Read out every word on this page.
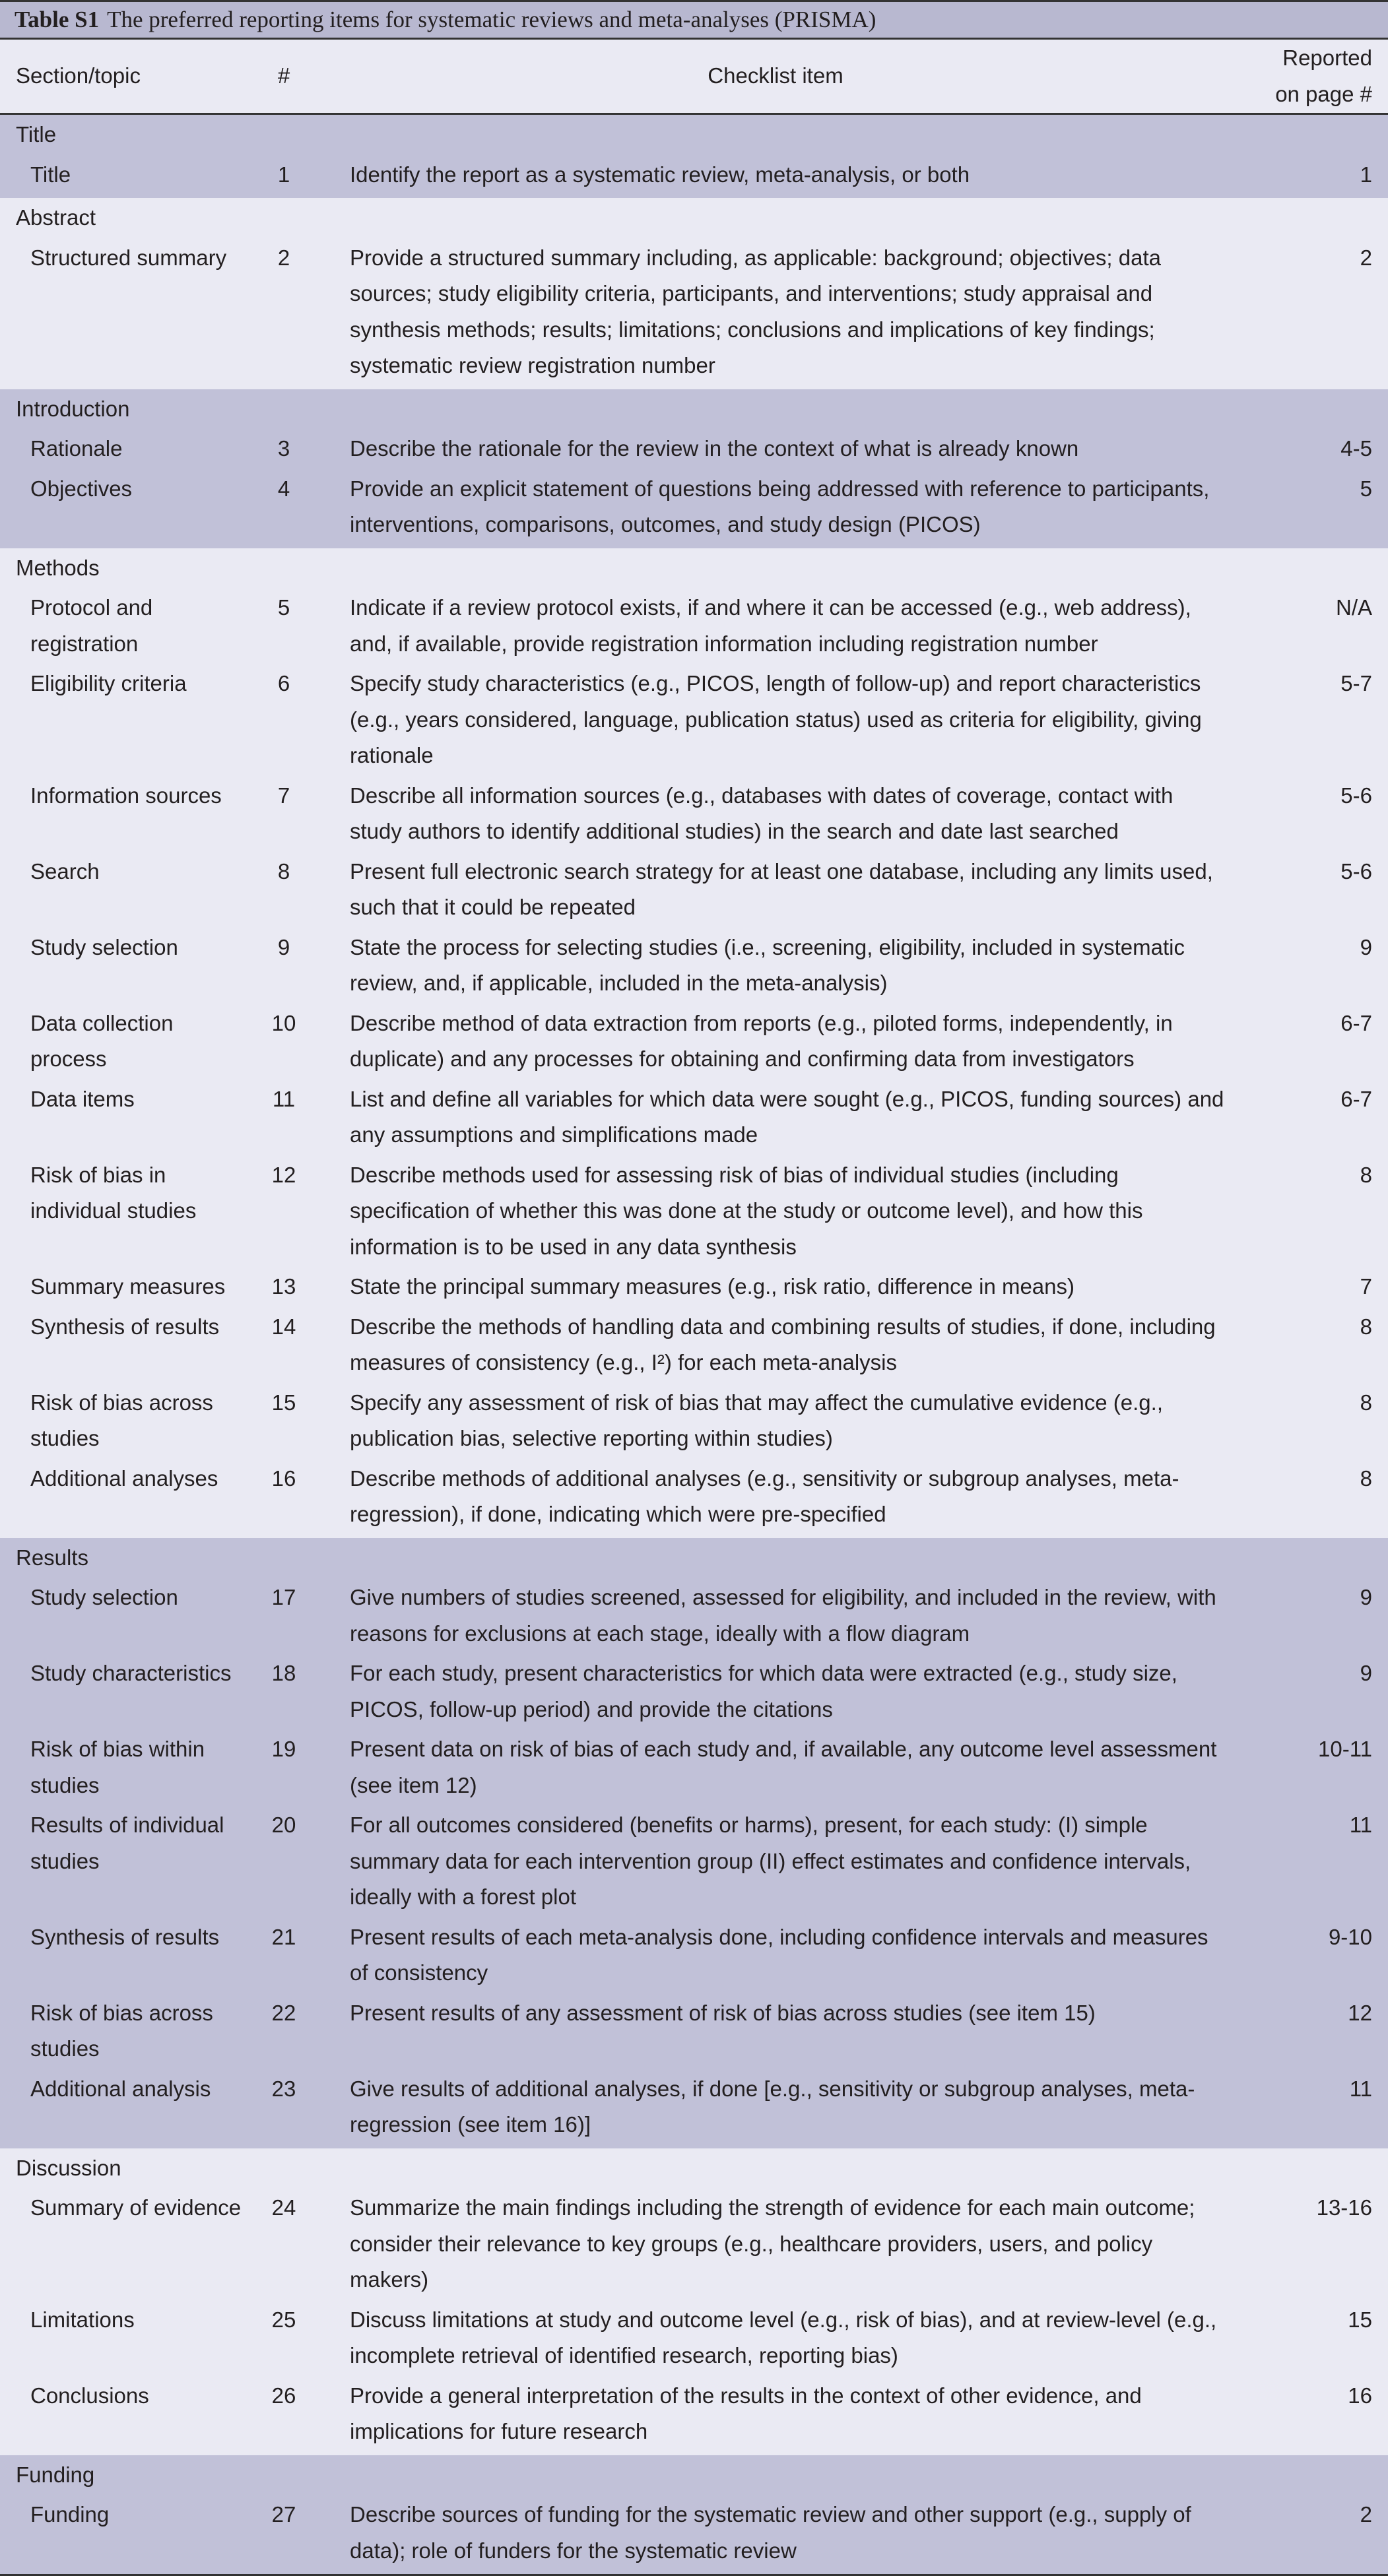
Table S1 The preferred reporting items for systematic reviews and meta-analyses (PRISMA)
Section/topic	#	Checklist item	Reported
on page #
Title			
Title	1	Identify the report as a systematic review, meta-analysis, or both	1
Abstract			
Structured summary	2	Provide a structured summary including, as applicable: background; objectives; data sources; study eligibility criteria, participants, and interventions; study appraisal and synthesis methods; results; limitations; conclusions and implications of key findings; systematic review registration number	2
Introduction			
Rationale	3	Describe the rationale for the review in the context of what is already known	4-5
Objectives	4	Provide an explicit statement of questions being addressed with reference to participants, interventions, comparisons, outcomes, and study design (PICOS)	5
Methods			
Protocol and registration	5	Indicate if a review protocol exists, if and where it can be accessed (e.g., web address), and, if available, provide registration information including registration number	N/A
Eligibility criteria	6	Specify study characteristics (e.g., PICOS, length of follow-up) and report characteristics (e.g., years considered, language, publication status) used as criteria for eligibility, giving rationale	5-7
Information sources	7	Describe all information sources (e.g., databases with dates of coverage, contact with study authors to identify additional studies) in the search and date last searched	5-6
Search	8	Present full electronic search strategy for at least one database, including any limits used, such that it could be repeated	5-6
Study selection	9	State the process for selecting studies (i.e., screening, eligibility, included in systematic review, and, if applicable, included in the meta-analysis)	9
Data collection process	10	Describe method of data extraction from reports (e.g., piloted forms, independently, in duplicate) and any processes for obtaining and confirming data from investigators	6-7
Data items	11	List and define all variables for which data were sought (e.g., PICOS, funding sources) and any assumptions and simplifications made	6-7
Risk of bias in individual studies	12	Describe methods used for assessing risk of bias of individual studies (including specification of whether this was done at the study or outcome level), and how this information is to be used in any data synthesis	8
Summary measures	13	State the principal summary measures (e.g., risk ratio, difference in means)	7
Synthesis of results	14	Describe the methods of handling data and combining results of studies, if done, including measures of consistency (e.g., I²) for each meta-analysis	8
Risk of bias across studies	15	Specify any assessment of risk of bias that may affect the cumulative evidence (e.g., publication bias, selective reporting within studies)	8
Additional analyses	16	Describe methods of additional analyses (e.g., sensitivity or subgroup analyses, meta-regression), if done, indicating which were pre-specified	8
Results			
Study selection	17	Give numbers of studies screened, assessed for eligibility, and included in the review, with reasons for exclusions at each stage, ideally with a flow diagram	9
Study characteristics	18	For each study, present characteristics for which data were extracted (e.g., study size, PICOS, follow-up period) and provide the citations	9
Risk of bias within studies	19	Present data on risk of bias of each study and, if available, any outcome level assessment (see item 12)	10-11
Results of individual studies	20	For all outcomes considered (benefits or harms), present, for each study: (I) simple summary data for each intervention group (II) effect estimates and confidence intervals, ideally with a forest plot	11
Synthesis of results	21	Present results of each meta-analysis done, including confidence intervals and measures of consistency	9-10
Risk of bias across studies	22	Present results of any assessment of risk of bias across studies (see item 15)	12
Additional analysis	23	Give results of additional analyses, if done [e.g., sensitivity or subgroup analyses, meta-regression (see item 16)]	11
Discussion			
Summary of evidence	24	Summarize the main findings including the strength of evidence for each main outcome; consider their relevance to key groups (e.g., healthcare providers, users, and policy makers)	13-16
Limitations	25	Discuss limitations at study and outcome level (e.g., risk of bias), and at review-level (e.g., incomplete retrieval of identified research, reporting bias)	15
Conclusions	26	Provide a general interpretation of the results in the context of other evidence, and implications for future research	16
Funding			
Funding	27	Describe sources of funding for the systematic review and other support (e.g., supply of data); role of funders for the systematic review	2
